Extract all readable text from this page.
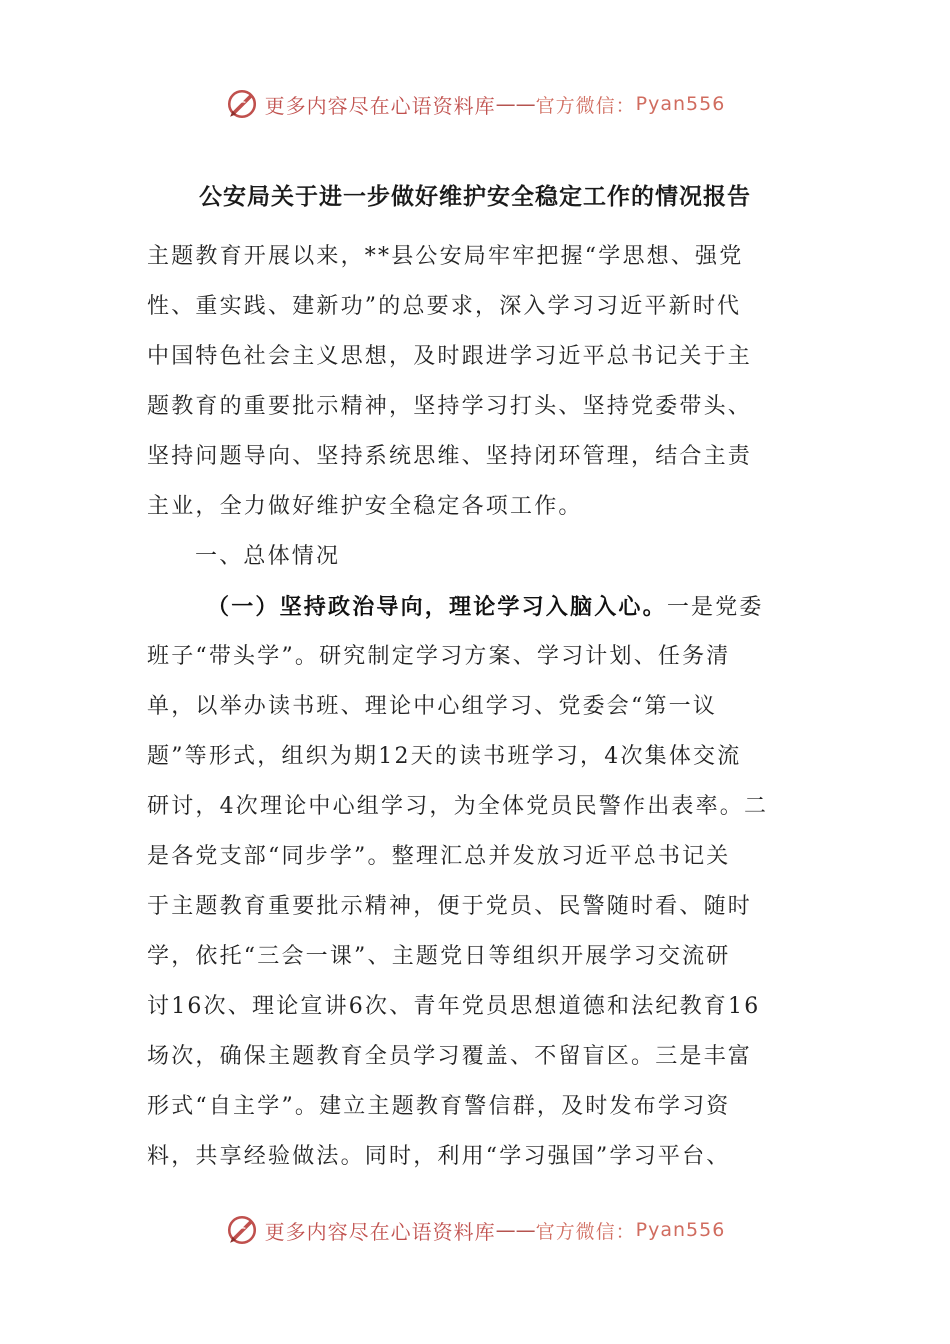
更多内容尽在心语资料库 —— 官方微信： Pyan556
公安局关于进一步做好维护安全稳定工作的情况报告
主题教育开展以来，**县公安局牢牢把握“学思想、强党
性、重实践、建新功”的总要求，深入学习习近平新时代
中国特色社会主义思想，及时跟进学习近平总书记关于主
题教育的重要批示精神，坚持学习打头、坚持党委带头、
坚持问题导向、坚持系统思维、坚持闭环管理，结合主责
主业，全力做好维护安全稳定各项工作。
一、总体情况
（一）坚持政治导向，理论学习入脑入心。一是党委
班子“带头学”。研究制定学习方案、学习计划、任务清
单，以举办读书班、理论中心组学习、党委会“第一议
题”等形式，组织为期12天的读书班学习，4次集体交流
研讨，4次理论中心组学习，为全体党员民警作出表率。二
是各党支部“同步学”。整理汇总并发放习近平总书记关
于主题教育重要批示精神，便于党员、民警随时看、随时
学，依托“三会一课”、主题党日等组织开展学习交流研
讨16次、理论宣讲6次、青年党员思想道德和法纪教育16
场次，确保主题教育全员学习覆盖、不留盲区。三是丰富
形式“自主学”。建立主题教育警信群，及时发布学习资
料，共享经验做法。同时，利用“学习强国”学习平台、
更多内容尽在心语资料库 —— 官方微信： Pyan556
